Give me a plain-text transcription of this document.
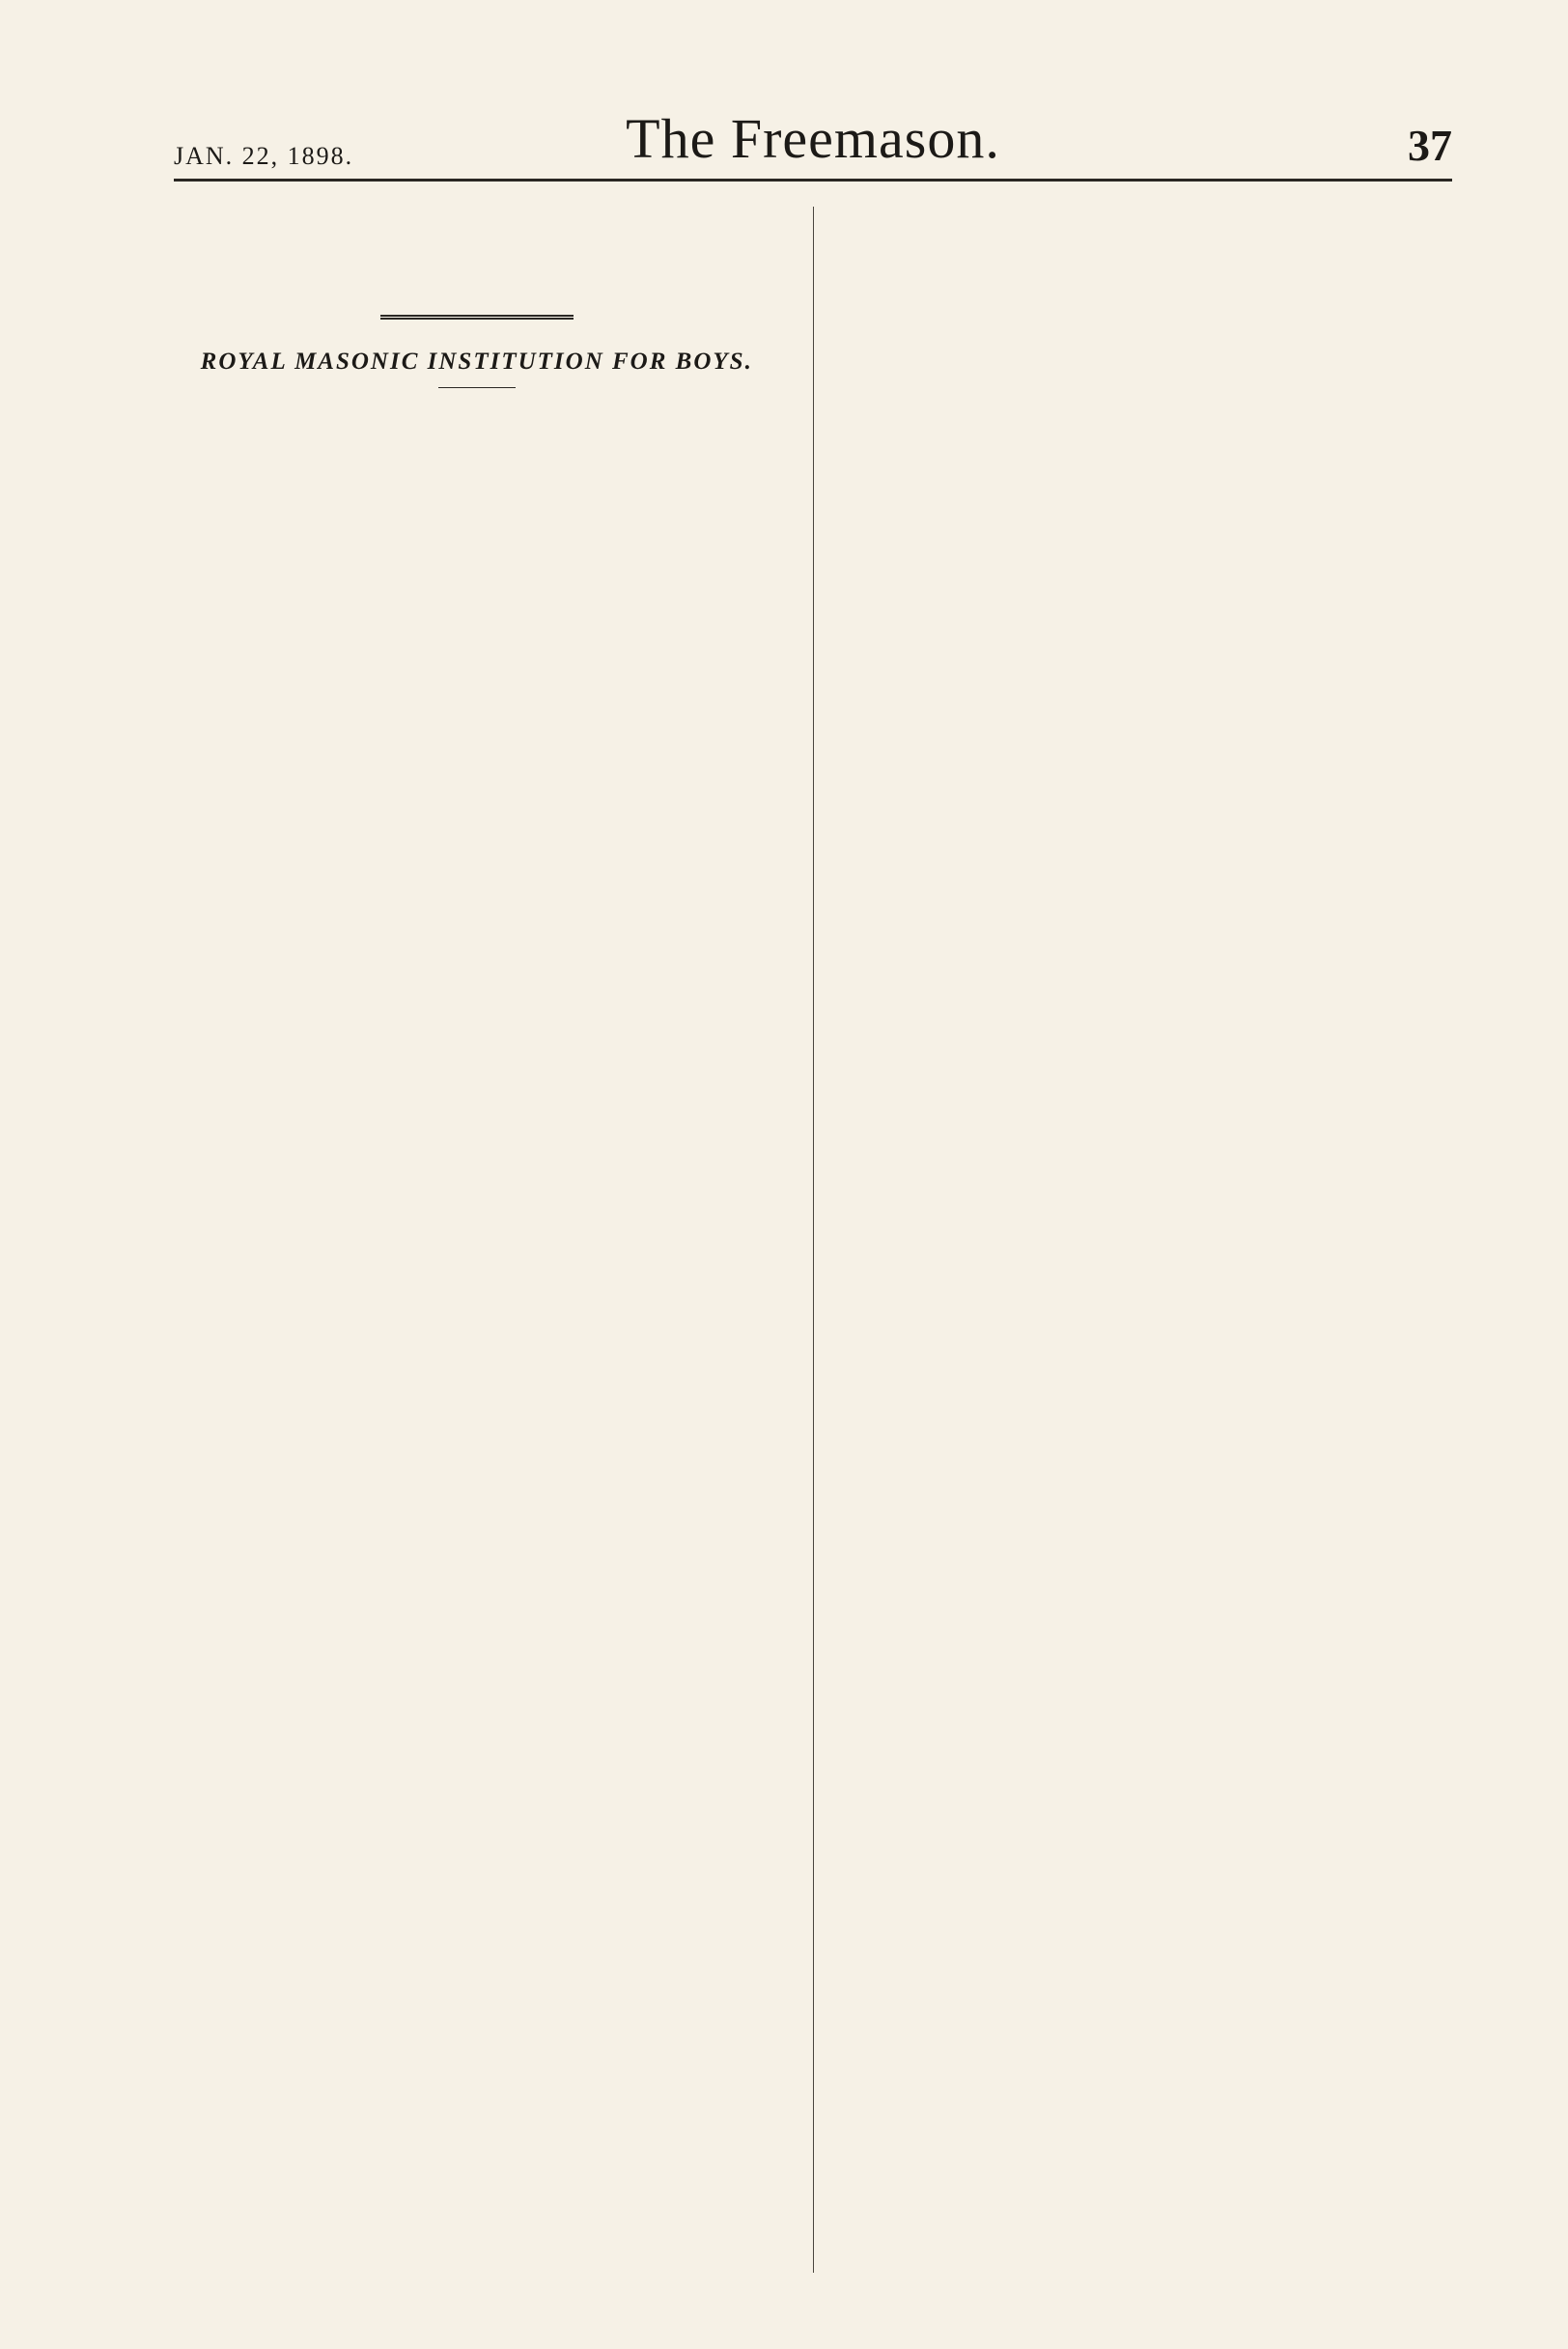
JAN. 22, 1898.	The Freemason.	37

ROYAL MASONIC INSTITUTION FOR BOYS.
